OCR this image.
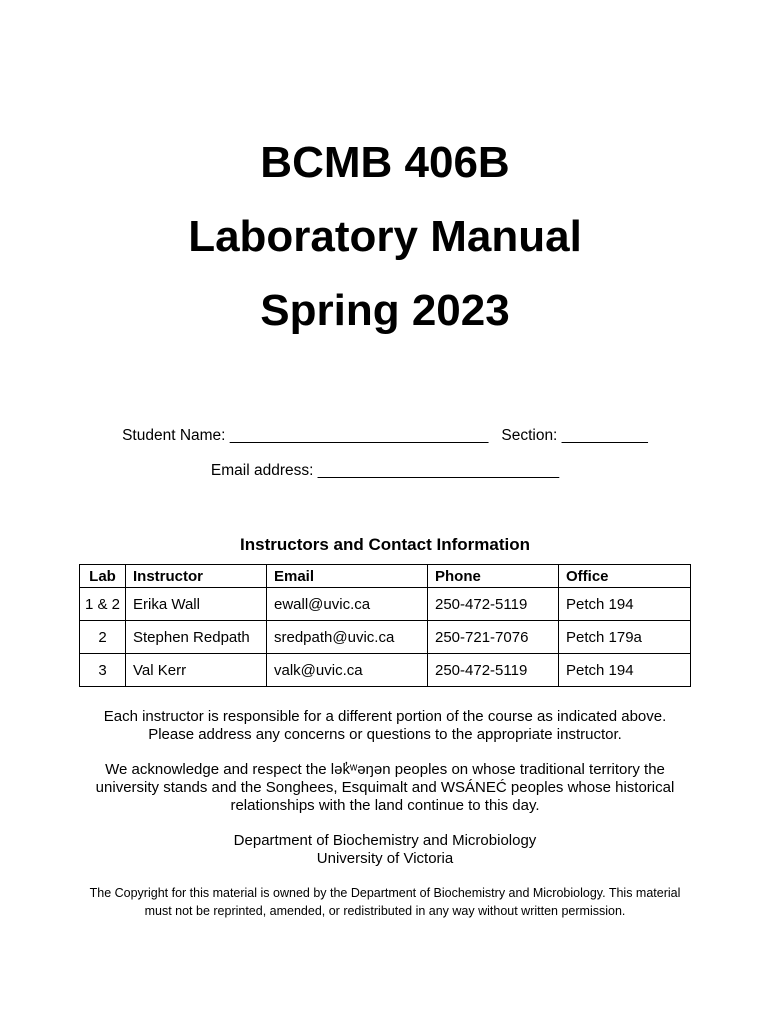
BCMB 406B
Laboratory Manual
Spring 2023
Student Name: ______________________________ Section: __________
Email address: ____________________________
Instructors and Contact Information
Lab	Instructor	Email	Phone	Office
1 & 2	Erika Wall	ewall@uvic.ca	250-472-5119	Petch 194
2	Stephen Redpath	sredpath@uvic.ca	250-721-7076	Petch 179a
3	Val Kerr	valk@uvic.ca	250-472-5119	Petch 194
Each instructor is responsible for a different portion of the course as indicated above.
Please address any concerns or questions to the appropriate instructor.
We acknowledge and respect the lək̓ʷəŋən peoples on whose traditional territory the
university stands and the Songhees, Esquimalt and WSÁNEĆ peoples whose historical
relationships with the land continue to this day.
Department of Biochemistry and Microbiology
University of Victoria
The Copyright for this material is owned by the Department of Biochemistry and Microbiology. This material
must not be reprinted, amended, or redistributed in any way without written permission.
